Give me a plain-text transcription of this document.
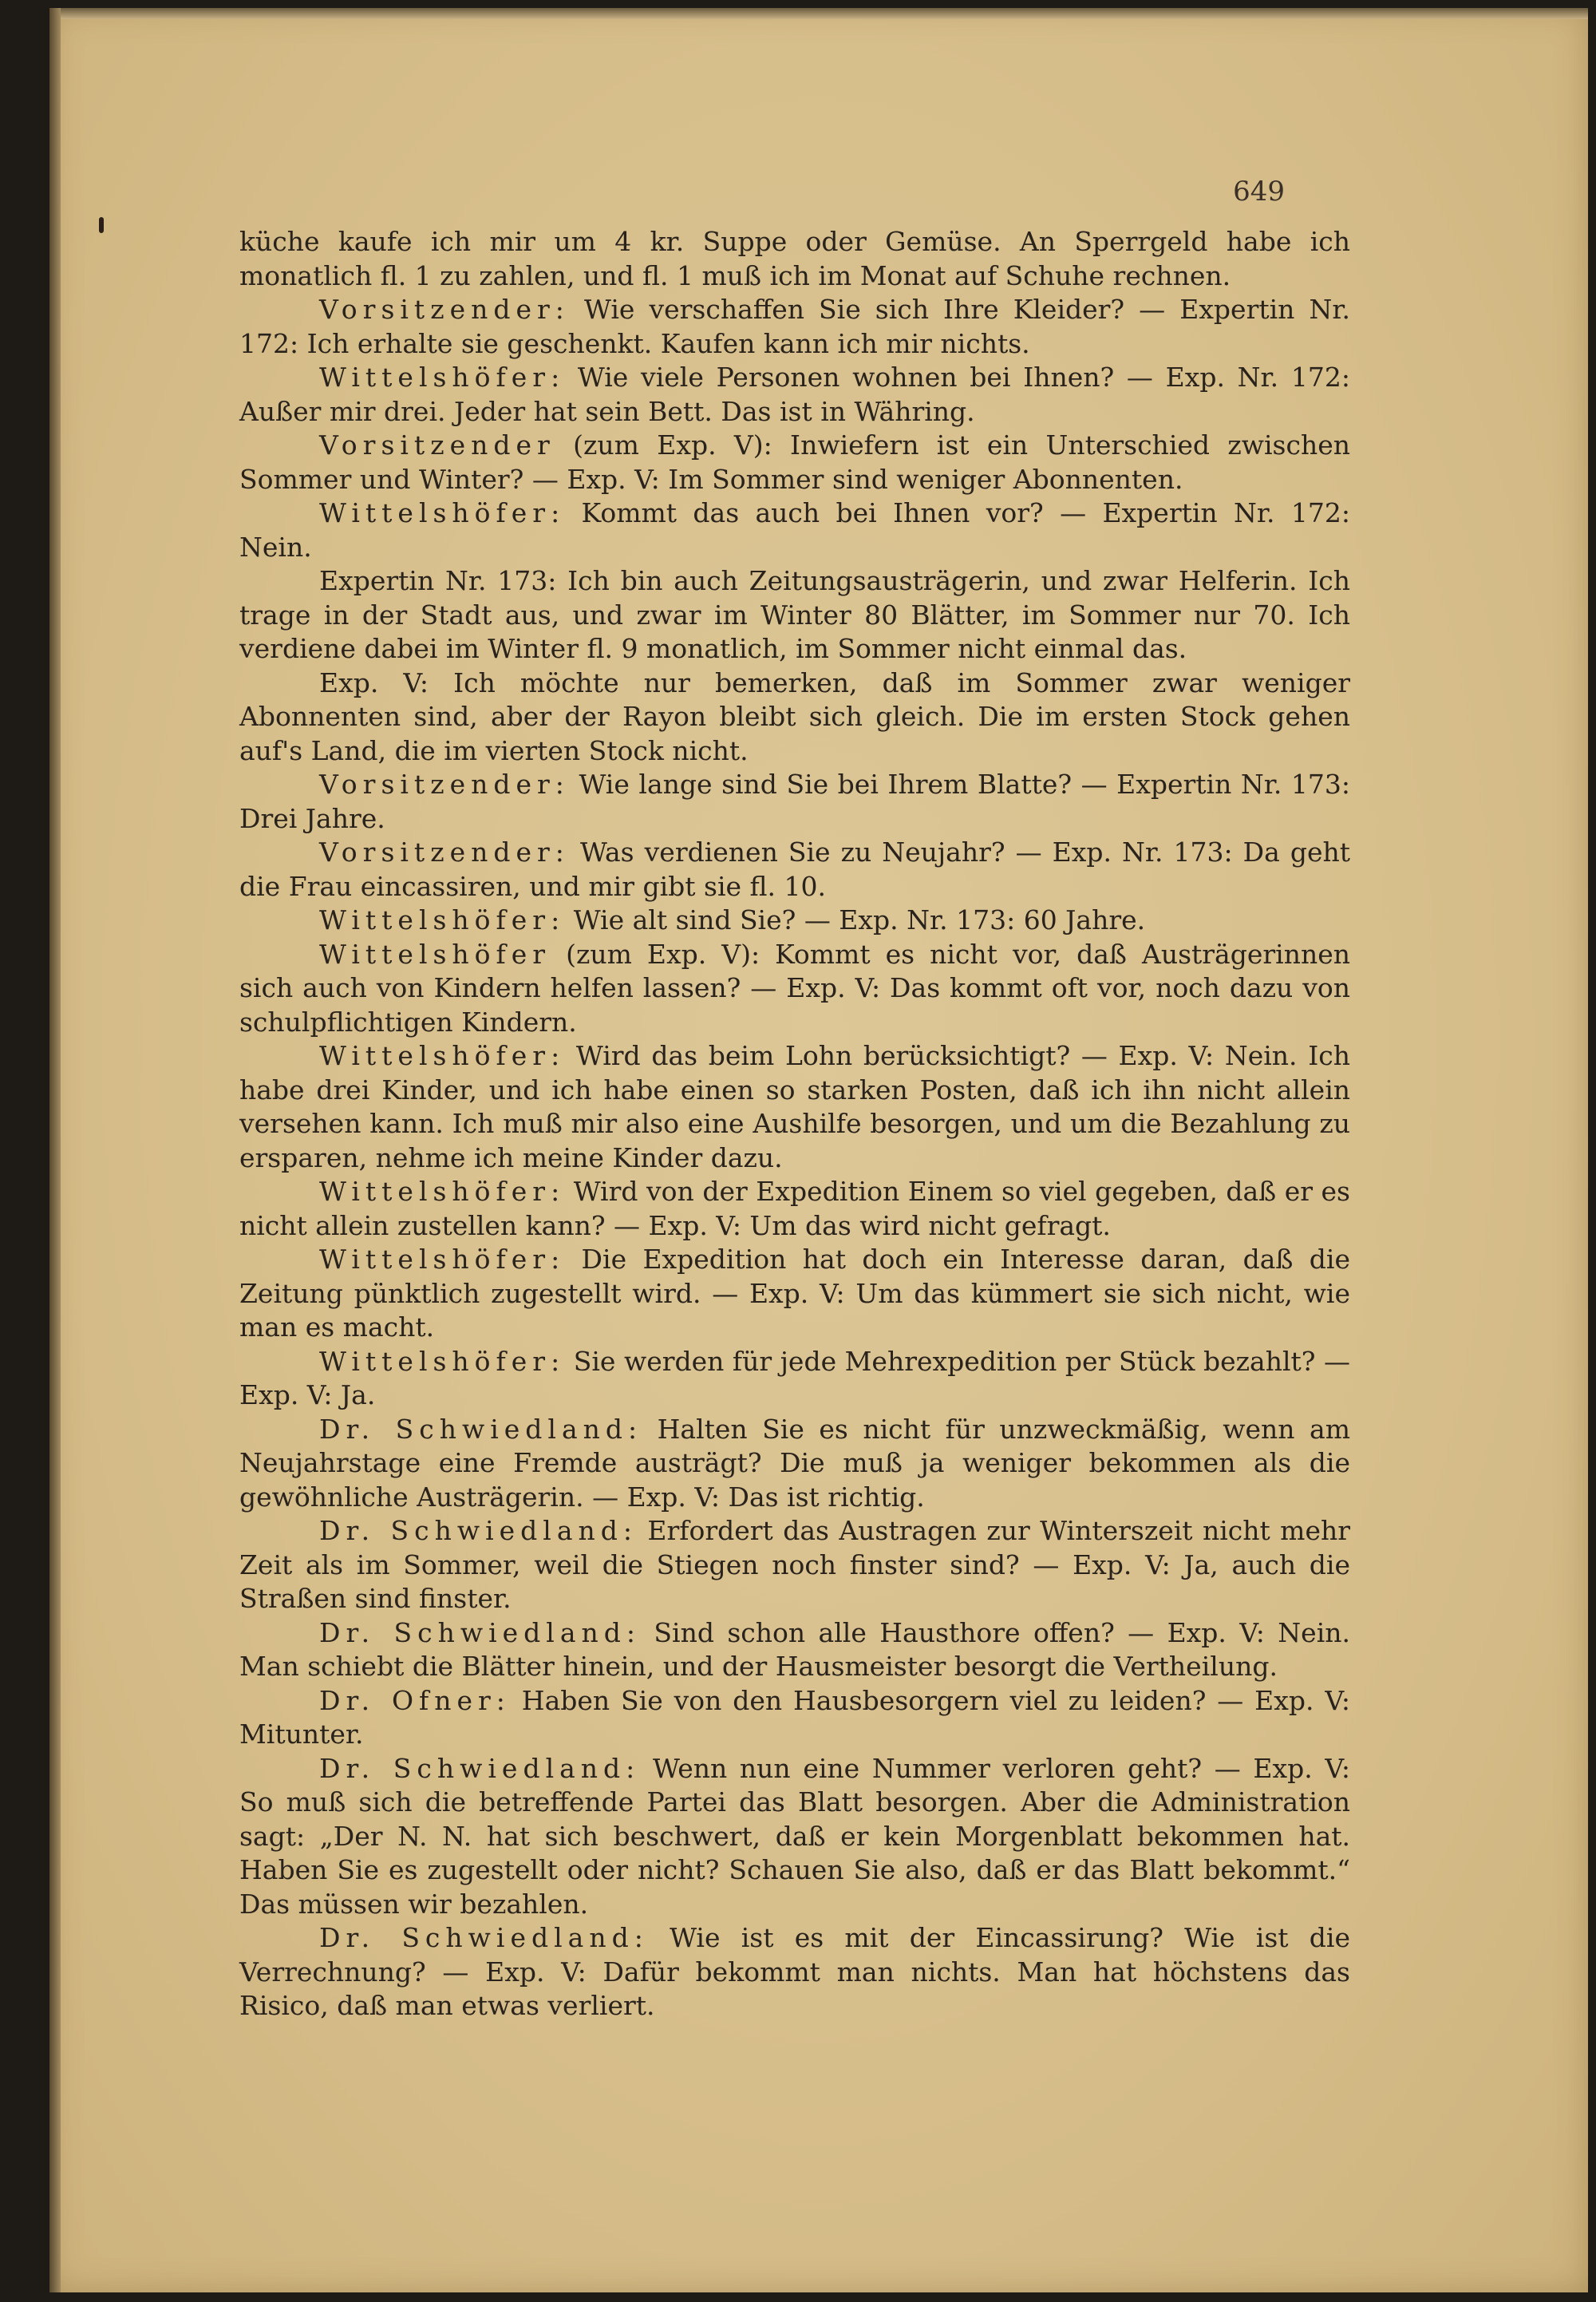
649

küche kaufe ich mir um 4 kr. Suppe oder Gemüse. An Sperrgeld habe ich monatlich fl. 1 zu zahlen, und fl. 1 muß ich im Monat auf Schuhe rechnen.

Vorsitzender: Wie verschaffen Sie sich Ihre Kleider? — Expertin Nr. 172: Ich erhalte sie geschenkt. Kaufen kann ich mir nichts.

Wittelshöfer: Wie viele Personen wohnen bei Ihnen? — Exp. Nr. 172: Außer mir drei. Jeder hat sein Bett. Das ist in Währing.

Vorsitzender (zum Exp. V): Inwiefern ist ein Unterschied zwischen Sommer und Winter? — Exp. V: Im Sommer sind weniger Abonnenten.

Wittelshöfer: Kommt das auch bei Ihnen vor? — Expertin Nr. 172: Nein.

Expertin Nr. 173: Ich bin auch Zeitungsausträgerin, und zwar Helferin. Ich trage in der Stadt aus, und zwar im Winter 80 Blätter, im Sommer nur 70. Ich verdiene dabei im Winter fl. 9 monatlich, im Sommer nicht einmal das.

Exp. V: Ich möchte nur bemerken, daß im Sommer zwar weniger Abonnenten sind, aber der Rayon bleibt sich gleich. Die im ersten Stock gehen auf's Land, die im vierten Stock nicht.

Vorsitzender: Wie lange sind Sie bei Ihrem Blatte? — Expertin Nr. 173: Drei Jahre.

Vorsitzender: Was verdienen Sie zu Neujahr? — Exp. Nr. 173: Da geht die Frau eincassiren, und mir gibt sie fl. 10.

Wittelshöfer: Wie alt sind Sie? — Exp. Nr. 173: 60 Jahre.

Wittelshöfer (zum Exp. V): Kommt es nicht vor, daß Austrägerinnen sich auch von Kindern helfen lassen? — Exp. V: Das kommt oft vor, noch dazu von schulpflichtigen Kindern.

Wittelshöfer: Wird das beim Lohn berücksichtigt? — Exp. V: Nein. Ich habe drei Kinder, und ich habe einen so starken Posten, daß ich ihn nicht allein versehen kann. Ich muß mir also eine Aushilfe besorgen, und um die Bezahlung zu ersparen, nehme ich meine Kinder dazu.

Wittelshöfer: Wird von der Expedition Einem so viel gegeben, daß er es nicht allein zustellen kann? — Exp. V: Um das wird nicht gefragt.

Wittelshöfer: Die Expedition hat doch ein Interesse daran, daß die Zeitung pünktlich zugestellt wird. — Exp. V: Um das kümmert sie sich nicht, wie man es macht.

Wittelshöfer: Sie werden für jede Mehrexpedition per Stück bezahlt? — Exp. V: Ja.

Dr. Schwiedland: Halten Sie es nicht für unzweckmäßig, wenn am Neujahrstage eine Fremde austrägt? Die muß ja weniger bekommen als die gewöhnliche Austrägerin. — Exp. V: Das ist richtig.

Dr. Schwiedland: Erfordert das Austragen zur Winterszeit nicht mehr Zeit als im Sommer, weil die Stiegen noch finster sind? — Exp. V: Ja, auch die Straßen sind finster.

Dr. Schwiedland: Sind schon alle Hausthore offen? — Exp. V: Nein. Man schiebt die Blätter hinein, und der Hausmeister besorgt die Vertheilung.

Dr. Ofner: Haben Sie von den Hausbesorgern viel zu leiden? — Exp. V: Mitunter.

Dr. Schwiedland: Wenn nun eine Nummer verloren geht? — Exp. V: So muß sich die betreffende Partei das Blatt besorgen. Aber die Administration sagt: „Der N. N. hat sich beschwert, daß er kein Morgenblatt bekommen hat. Haben Sie es zugestellt oder nicht? Schauen Sie also, daß er das Blatt bekommt.“ Das müssen wir bezahlen.

Dr. Schwiedland: Wie ist es mit der Eincassirung? Wie ist die Verrechnung? — Exp. V: Dafür bekommt man nichts. Man hat höchstens das Risico, daß man etwas verliert.
